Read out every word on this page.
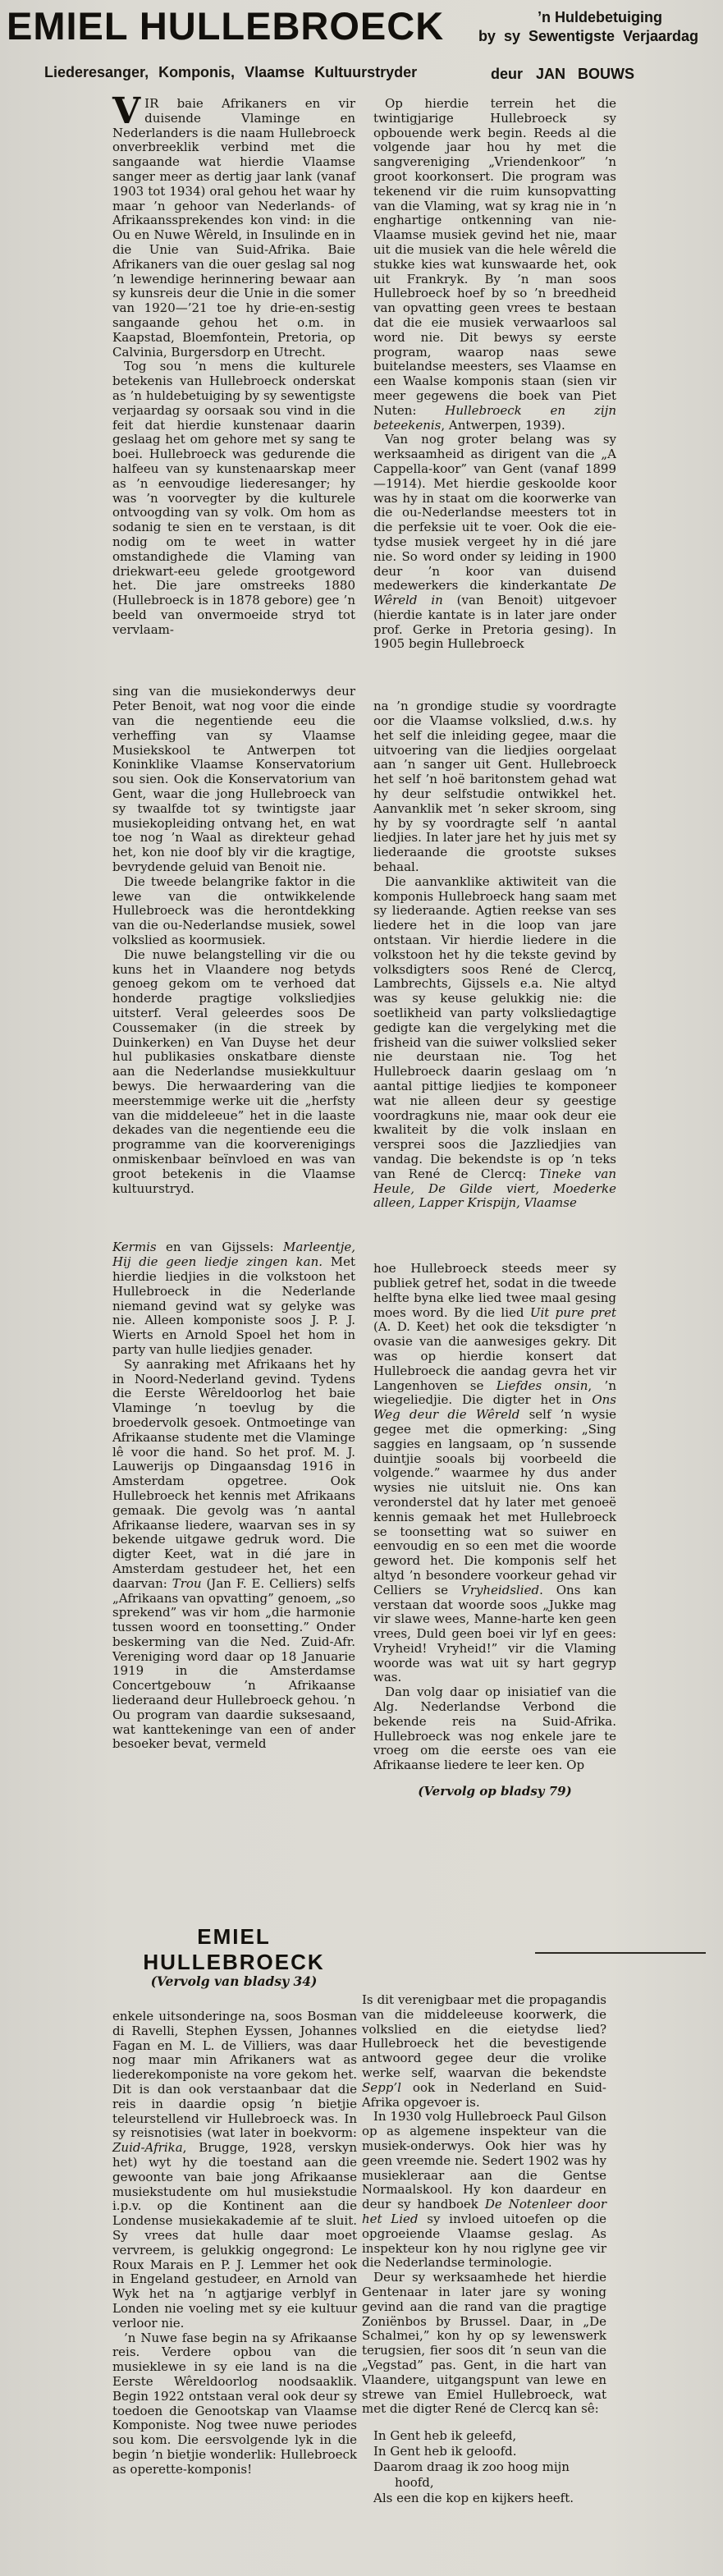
EMIEL HULLEBROECK	’n Huldebetuiging
by sy Sewentigste Verjaardag
Liederesanger, Komponis, Vlaamse Kultuurstryder	deur JAN BOUWS

VIR baie Afrikaners en vir duisende Vlaminge en Nederlanders is die naam Hullebroeck onverbreeklik verbind met die sangaande wat hierdie Vlaamse sanger meer as dertig jaar lank (vanaf 1903 tot 1934) oral gehou het waar hy maar ’n gehoor van Nederlands- of Afrikaanssprekendes kon vind: in die Ou en Nuwe Wêreld, in Insulinde en in die Unie van Suid-Afrika. Baie Afrikaners van die ouer geslag sal nog ’n lewendige herinnering bewaar aan sy kunsreis deur die Unie in die somer van 1920—’21 toe hy drie-en-sestig sangaande gehou het o.m. in Kaapstad, Bloemfontein, Pretoria, op Calvinia, Burgersdorp en Utrecht.

Tog sou ’n mens die kulturele betekenis van Hullebroeck onderskat as ’n huldebetuiging by sy sewentigste verjaardag sy oorsaak sou vind in die feit dat hierdie kunstenaar daarin geslaag het om gehore met sy sang te boei. Hullebroeck was gedurende die halfeeu van sy kunstenaarskap meer as ’n eenvoudige liederesanger; hy was ’n voorvegter by die kulturele ontvoogding van sy volk. Om hom as sodanig te sien en te verstaan, is dit nodig om te weet in watter omstandighede die Vlaming van driekwart-eeu gelede grootgeword het. Die jare omstreeks 1880 (Hullebroeck is in 1878 gebore) gee ’n beeld van onvermoeide stryd tot vervlaam-

sing van die musiekonderwys deur Peter Benoit, wat nog voor die einde van die negentiende eeu die verheffing van sy Vlaamse Musiekskool te Antwerpen tot Koninklike Vlaamse Konservatorium sou sien. Ook die Konservatorium van Gent, waar die jong Hullebroeck van sy twaalfde tot sy twintigste jaar musiekopleiding ontvang het, en wat toe nog ’n Waal as direkteur gehad het, kon nie doof bly vir die kragtige, bevrydende geluid van Benoit nie.

Die tweede belangrike faktor in die lewe van die ontwikkelende Hullebroeck was die herontdekking van die ou-Nederlandse musiek, sowel volkslied as koormusiek.

Die nuwe belangstelling vir die ou kuns het in Vlaandere nog betyds genoeg gekom om te verhoed dat honderde pragtige volksliedjies uitsterf. Veral geleerdes soos De Coussemaker (in die streek by Duinkerken) en Van Duyse het deur hul publikasies onskatbare dienste aan die Nederlandse musiekkultuur bewys. Die herwaardering van die meerstemmige werke uit die „herfsty van die middeleeue” het in die laaste dekades van die negentiende eeu die programme van die koorverenigings onmiskenbaar beïnvloed en was van groot betekenis in die Vlaamse kultuurstryd.

Kermis en van Gijssels: Marleentje, Hij die geen liedje zingen kan. Met hierdie liedjies in die volkstoon het Hullebroeck in die Nederlande niemand gevind wat sy gelyke was nie. Alleen komponiste soos J. P. J. Wierts en Arnold Spoel het hom in party van hulle liedjies genader.

Sy aanraking met Afrikaans het hy in Noord-Nederland gevind. Tydens die Eerste Wêreldoorlog het baie Vlaminge ’n toevlug by die broedervolk gesoek. Ontmoetinge van Afrikaanse studente met die Vlaminge lê voor die hand. So het prof. M. J. Lauwerijs op Dingaansdag 1916 in Amsterdam opgetree. Ook Hullebroeck het kennis met Afrikaans gemaak. Die gevolg was ’n aantal Afrikaanse liedere, waarvan ses in sy bekende uitgawe gedruk word. Die digter Keet, wat in dié jare in Amsterdam gestudeer het, het een daarvan: Trou (Jan F. E. Celliers) selfs „Afrikaans van opvatting” genoem, „so sprekend” was vir hom „die harmonie tussen woord en toonsetting.” Onder beskerming van die Ned. Zuid-Afr. Vereniging word daar op 18 Januarie 1919 in die Amsterdamse Concertgebouw ’n Afrikaanse liederaand deur Hullebroeck gehou. ’n Ou program van daardie suksesaand, wat kanttekeninge van een of ander besoeker bevat, vermeld

Op hierdie terrein het die twintigjarige Hullebroeck sy opbouende werk begin. Reeds al die volgende jaar hou hy met die sangvereniging „Vriendenkoor” ’n groot koorkonsert. Die program was tekenend vir die ruim kunsopvatting van die Vlaming, wat sy krag nie in ’n enghartige ontkenning van nie-Vlaamse musiek gevind het nie, maar uit die musiek van die hele wêreld die stukke kies wat kunswaarde het, ook uit Frankryk. By ’n man soos Hullebroeck hoef by so ’n breedheid van opvatting geen vrees te bestaan dat die eie musiek verwaarloos sal word nie. Dit bewys sy eerste program, waarop naas sewe buitelandse meesters, ses Vlaamse en een Waalse komponis staan (sien vir meer gegewens die boek van Piet Nuten: Hullebroeck en zijn beteekenis, Antwerpen, 1939).

Van nog groter belang was sy werksaamheid as dirigent van die „A Cappella-koor” van Gent (vanaf 1899—1914). Met hierdie geskoolde koor was hy in staat om die koorwerke van die ou-Nederlandse meesters tot in die perfeksie uit te voer. Ook die eie-tydse musiek vergeet hy in dié jare nie. So word onder sy leiding in 1900 deur ’n koor van duisend medewerkers die kinderkantate De Wêreld in (van Benoit) uitgevoer (hierdie kantate is in later jare onder prof. Gerke in Pretoria gesing). In 1905 begin Hullebroeck

na ’n grondige studie sy voordragte oor die Vlaamse volkslied, d.w.s. hy het self die inleiding gegee, maar die uitvoering van die liedjies oorgelaat aan ’n sanger uit Gent. Hullebroeck het self ’n hoë baritonstem gehad wat hy deur selfstudie ontwikkel het. Aanvanklik met ’n seker skroom, sing hy by sy voordragte self ’n aantal liedjies. In later jare het hy juis met sy liederaande die grootste sukses behaal.

Die aanvanklike aktiwiteit van die komponis Hullebroeck hang saam met sy liederaande. Agtien reekse van ses liedere het in die loop van jare ontstaan. Vir hierdie liedere in die volkstoon het hy die tekste gevind by volksdigters soos René de Clercq, Lambrechts, Gijssels e.a. Nie altyd was sy keuse gelukkig nie: die soetlikheid van party volksliedagtige gedigte kan die vergelyking met die frisheid van die suiwer volkslied seker nie deurstaan nie. Tog het Hullebroeck daarin geslaag om ’n aantal pittige liedjies te komponeer wat nie alleen deur sy geestige voordragkuns nie, maar ook deur eie kwaliteit by die volk inslaan en versprei soos die Jazzliedjies van vandag. Die bekendste is op ’n teks van René de Clercq: Tineke van Heule, De Gilde viert, Moederke alleen, Lapper Krispijn, Vlaamse

hoe Hullebroeck steeds meer sy publiek getref het, sodat in die tweede helfte byna elke lied twee maal gesing moes word. By die lied Uit pure pret (A. D. Keet) het ook die teksdigter ’n ovasie van die aanwesiges gekry. Dit was op hierdie konsert dat Hullebroeck die aandag gevra het vir Langenhoven se Liefdes onsin, ’n wiegeliedjie. Die digter het in Ons Weg deur die Wêreld self ’n wysie gegee met die opmerking: „Sing saggies en langsaam, op ’n sussende duintjie sooals bij voorbeeld die volgende.” waarmee hy dus ander wysies nie uitsluit nie. Ons kan veronderstel dat hy later met genoeë kennis gemaak het met Hullebroeck se toonsetting wat so suiwer en eenvoudig en so een met die woorde geword het. Die komponis self het altyd ’n besondere voorkeur gehad vir Celliers se Vryheidslied. Ons kan verstaan dat woorde soos „Jukke mag vir slawe wees, Manne-harte ken geen vrees, Duld geen boei vir lyf en gees: Vryheid! Vryheid!” vir die Vlaming woorde was wat uit sy hart gegryp was.

Dan volg daar op inisiatief van die Alg. Nederlandse Verbond die bekende reis na Suid-Afrika. Hullebroeck was nog enkele jare te vroeg om die eerste oes van eie Afrikaanse liedere te leer ken. Op

(Vervolg op bladsy 79)

EMIEL HULLEBROECK
(Vervolg van bladsy 34)

enkele uitsonderinge na, soos Bosman di Ravelli, Stephen Eyssen, Johannes Fagan en M. L. de Villiers, was daar nog maar min Afrikaners wat as liederekomponiste na vore gekom het. Dit is dan ook verstaanbaar dat die reis in daardie opsig ’n bietjie teleurstellend vir Hullebroeck was. In sy reisnotisies (wat later in boekvorm: Zuid-Afrika, Brugge, 1928, verskyn het) wyt hy die toestand aan die gewoonte van baie jong Afrikaanse musiekstudente om hul musiekstudie i.p.v. op die Kontinent aan die Londense musiekakademie af te sluit. Sy vrees dat hulle daar moet vervreem, is gelukkig ongegrond: Le Roux Marais en P. J. Lemmer het ook in Engeland gestudeer, en Arnold van Wyk het na ’n agtjarige verblyf in Londen nie voeling met sy eie kultuur verloor nie.

’n Nuwe fase begin na sy Afrikaanse reis. Verdere opbou van die musieklewe in sy eie land is na die Eerste Wêreldoorlog noodsaaklik. Begin 1922 ontstaan veral ook deur sy toedoen die Genootskap van Vlaamse Komponiste. Nog twee nuwe periodes sou kom. Die eersvolgende lyk in die begin ’n bietjie wonderlik: Hullebroeck as operette-komponis!

Is dit verenigbaar met die propagandis van die middeleeuse koorwerk, die volkslied en die eietydse lied? Hullebroeck het die bevestigende antwoord gegee deur die vrolike werke self, waarvan die bekendste Sepp’l ook in Nederland en Suid-Afrika opgevoer is.

In 1930 volg Hullebroeck Paul Gilson op as algemene inspekteur van die musiek-onderwys. Ook hier was hy geen vreemde nie. Sedert 1902 was hy musiekleraar aan die Gentse Normaalskool. Hy kon daardeur en deur sy handboek De Notenleer door het Lied sy invloed uitoefen op die opgroeiende Vlaamse geslag. As inspekteur kon hy nou riglyne gee vir die Nederlandse terminologie.

Deur sy werksaamhede het hierdie Gentenaar in later jare sy woning gevind aan die rand van die pragtige Zoniënbos by Brussel. Daar, in „De Schalmei,” kon hy op sy lewenswerk terugsien, fier soos dit ’n seun van die „Vegstad” pas. Gent, in die hart van Vlaandere, uitgangspunt van lewe en strewe van Emiel Hullebroeck, wat met die digter René de Clercq kan sê:

In Gent heb ik geleefd,
In Gent heb ik geloofd.
Daarom draag ik zoo hoog mijn hoofd,
Als een die kop en kijkers heeft.
